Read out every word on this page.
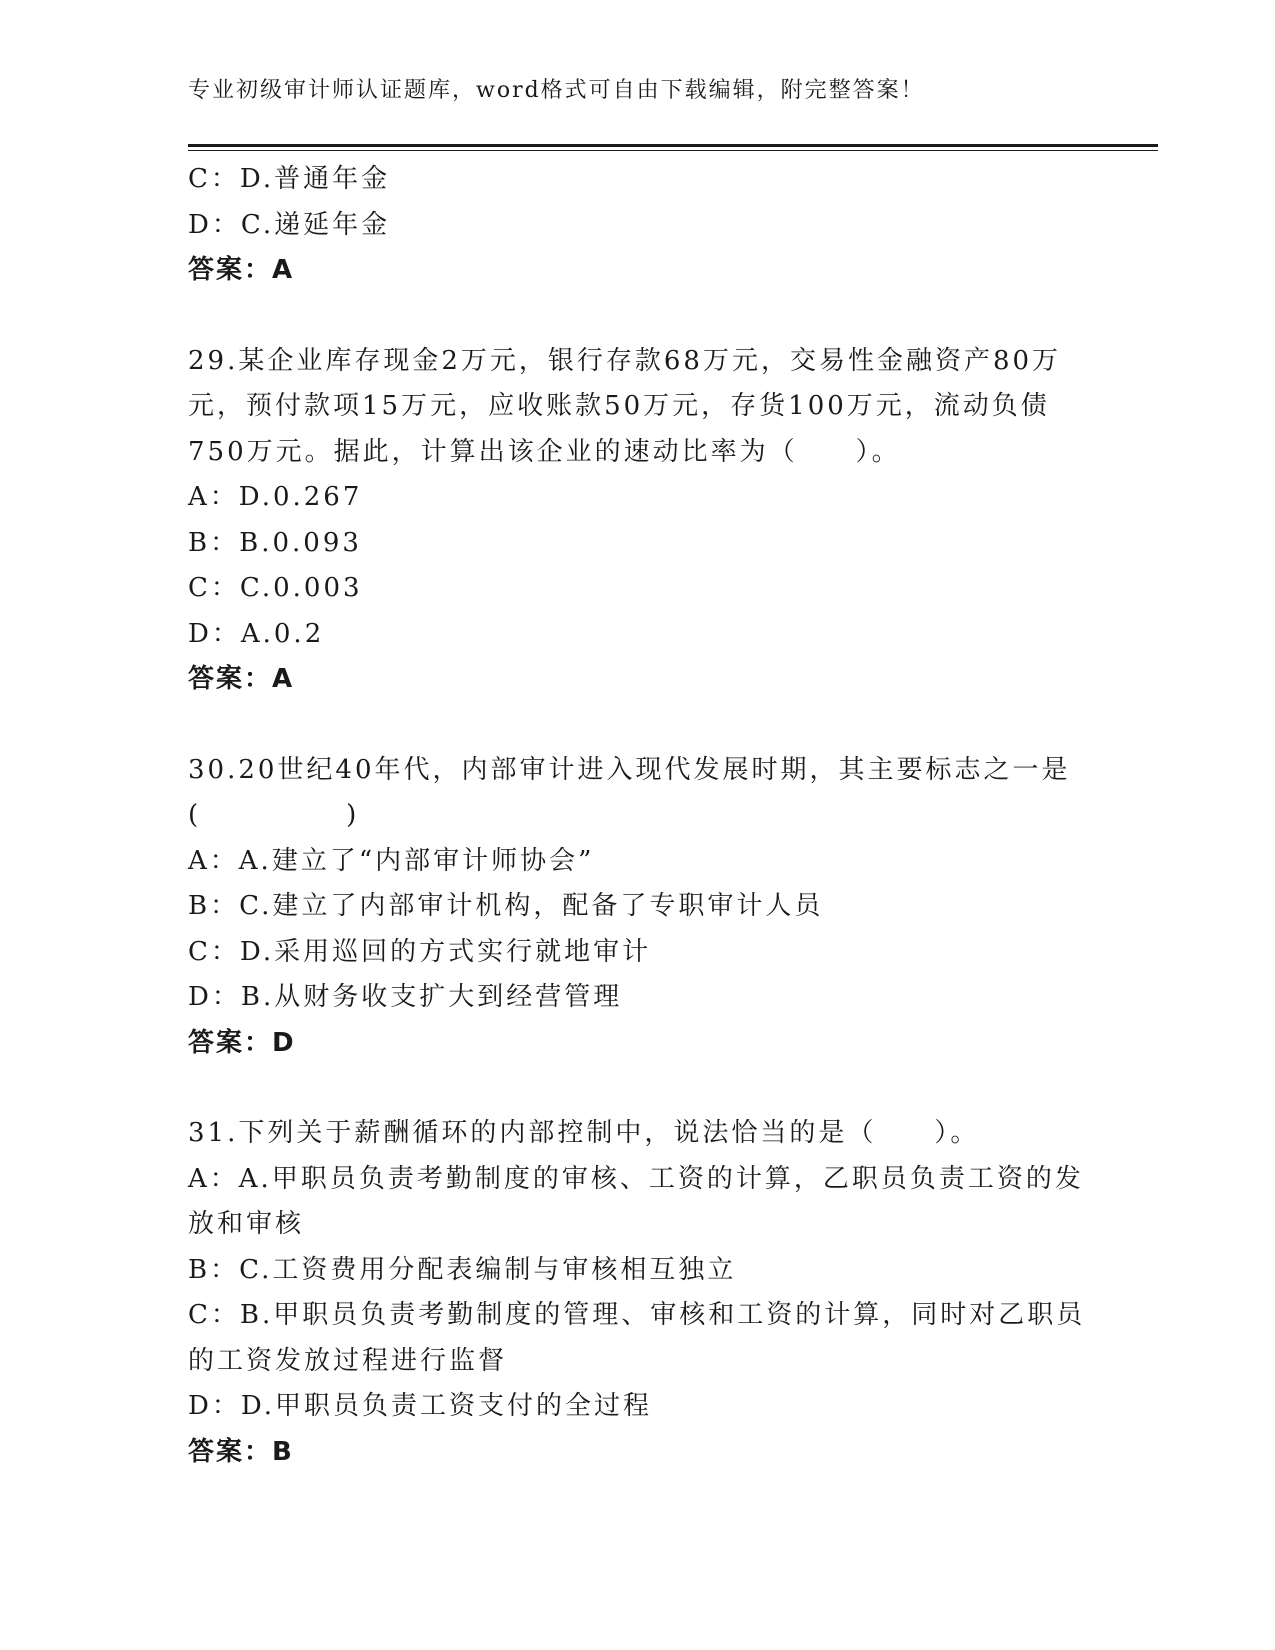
专业初级审计师认证题库，word格式可自由下载编辑，附完整答案！

C：D.普通年金

D：C.递延年金

答案：A

29.某企业库存现金2万元，银行存款68万元，交易性金融资产80万

元，预付款项15万元，应收账款50万元，存货100万元，流动负债

750万元。据此，计算出该企业的速动比率为（　　）。

A：D.0.267

B：B.0.093

C：C.0.003

D：A.0.2

答案：A

30.20世纪40年代，内部审计进入现代发展时期，其主要标志之一是

(　　　　　)

A：A.建立了“内部审计师协会”

B：C.建立了内部审计机构，配备了专职审计人员

C：D.采用巡回的方式实行就地审计

D：B.从财务收支扩大到经营管理

答案：D

31.下列关于薪酬循环的内部控制中，说法恰当的是（　　）。

A：A.甲职员负责考勤制度的审核、工资的计算，乙职员负责工资的发

放和审核

B：C.工资费用分配表编制与审核相互独立

C：B.甲职员负责考勤制度的管理、审核和工资的计算，同时对乙职员

的工资发放过程进行监督

D：D.甲职员负责工资支付的全过程

答案：B
